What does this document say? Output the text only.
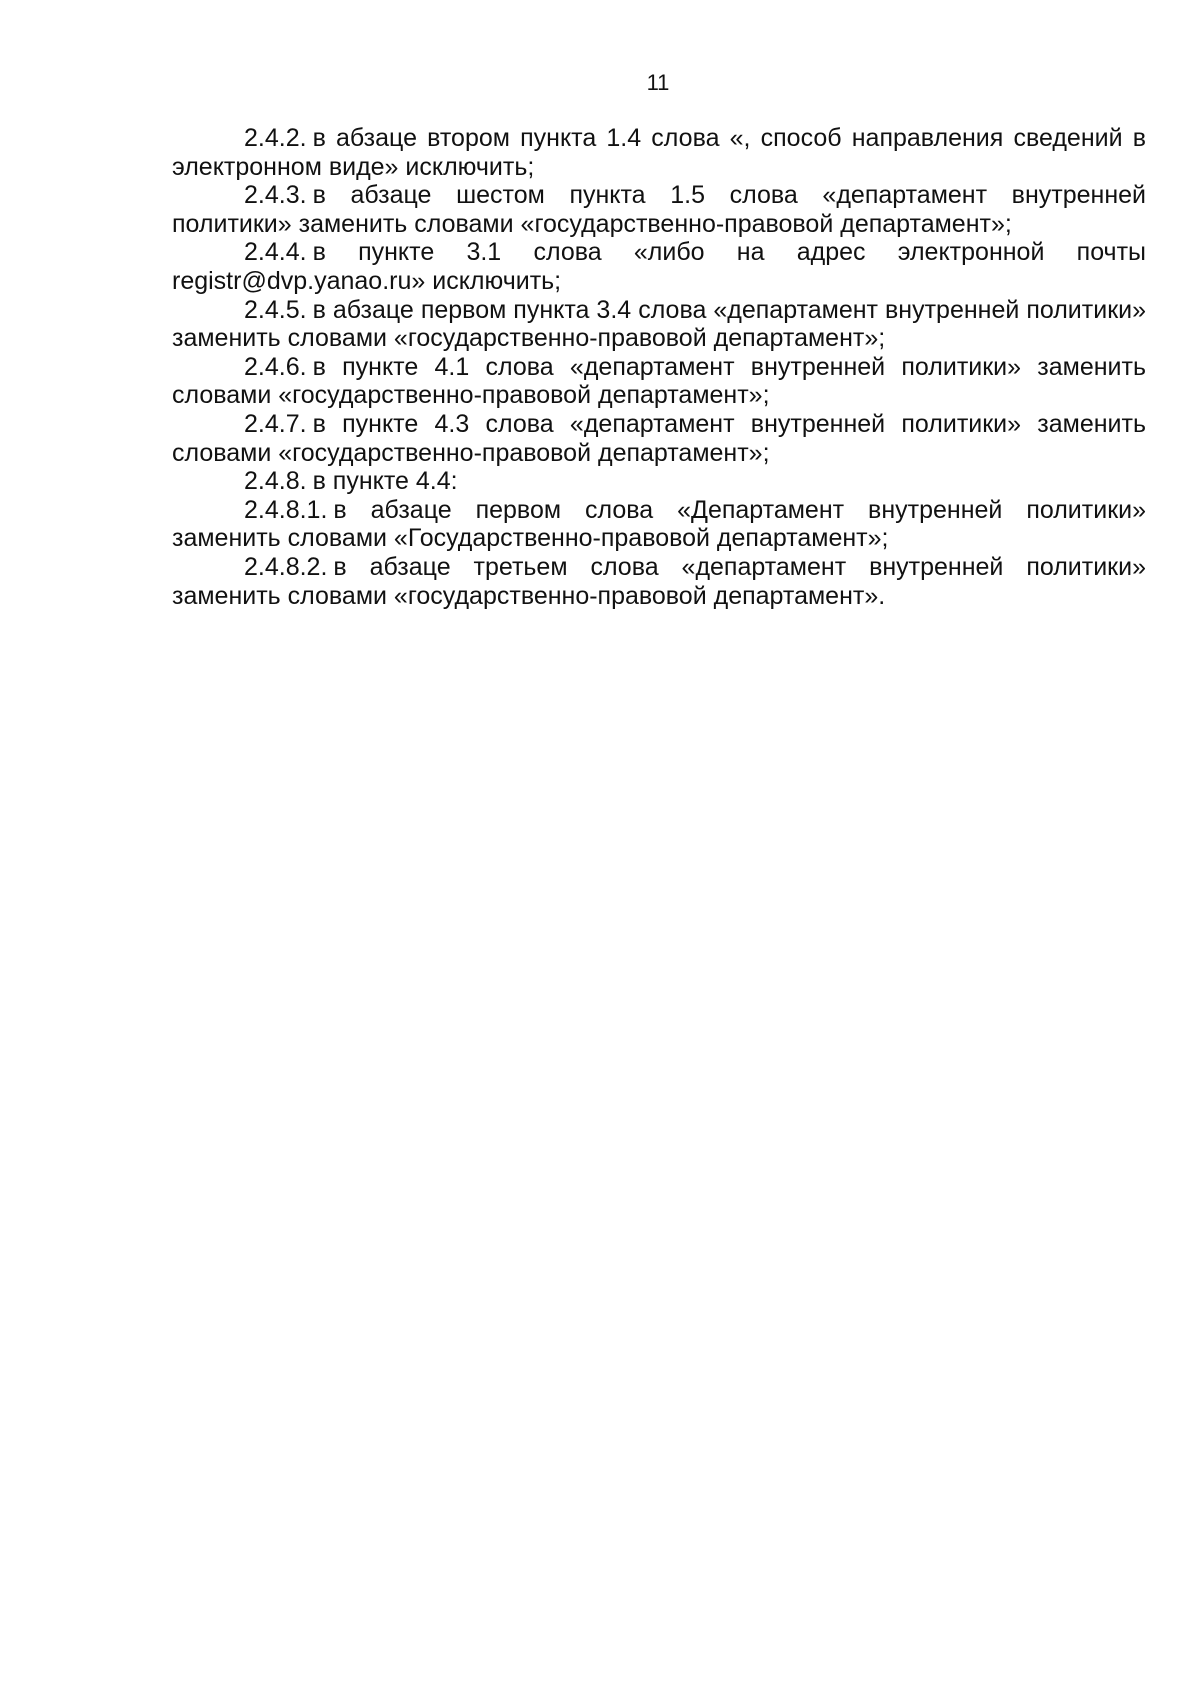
11

2.4.2. в абзаце втором пункта 1.4 слова «, способ направления сведений в электронном виде» исключить;

2.4.3. в абзаце шестом пункта 1.5 слова «департамент внутренней политики» заменить словами «государственно-правовой департамент»;

2.4.4. в пункте 3.1 слова «либо на адрес электронной почты registr@dvp.yanao.ru» исключить;

2.4.5. в абзаце первом пункта 3.4 слова «департамент внутренней политики» заменить словами «государственно-правовой департамент»;

2.4.6. в пункте 4.1 слова «департамент внутренней политики» заменить словами «государственно-правовой департамент»;

2.4.7. в пункте 4.3 слова «департамент внутренней политики» заменить словами «государственно-правовой департамент»;

2.4.8. в пункте 4.4:

2.4.8.1. в абзаце первом слова «Департамент внутренней политики» заменить словами «Государственно-правовой департамент»;

2.4.8.2. в абзаце третьем слова «департамент внутренней политики» заменить словами «государственно-правовой департамент».
